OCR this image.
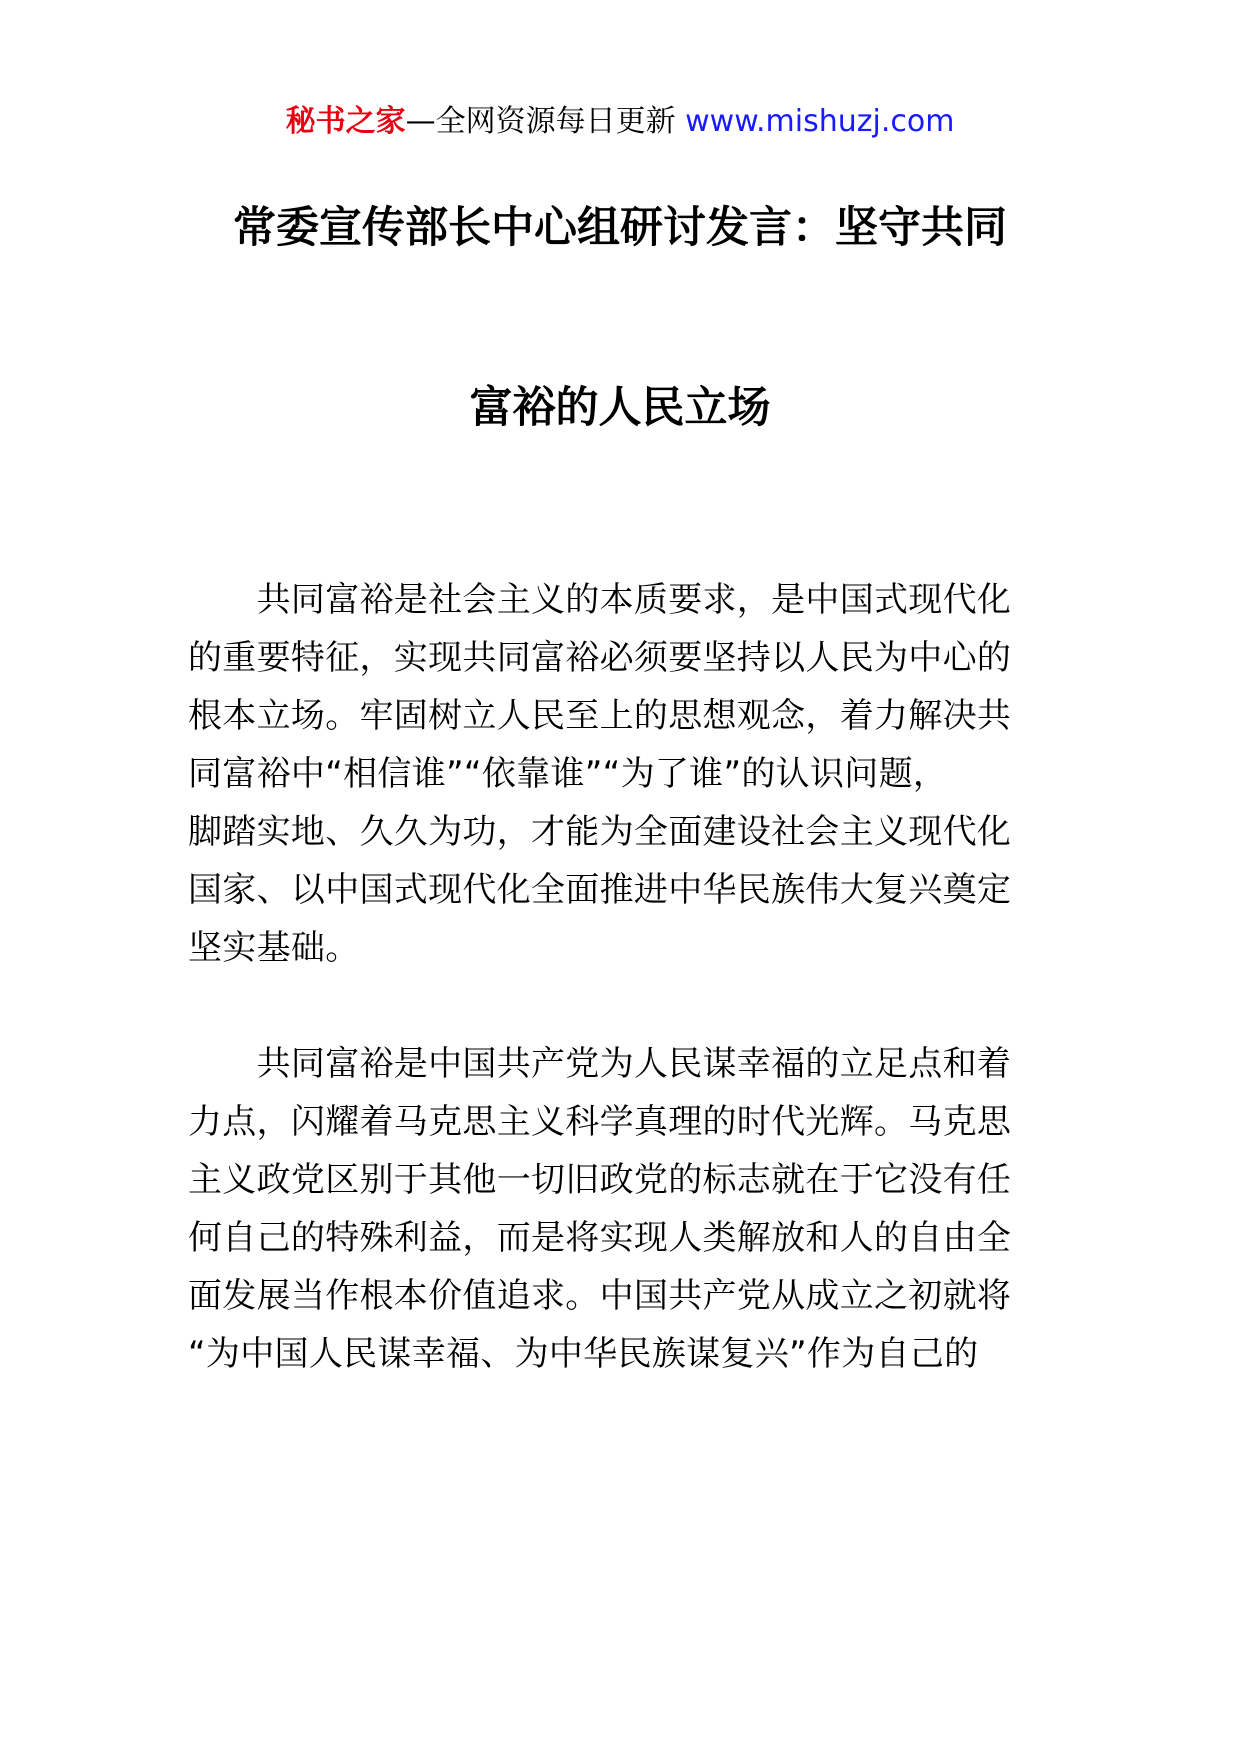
秘书之家—全网资源每日更新 www.mishuzj.com
常委宣传部长中心组研讨发言：坚守共同
富裕的人民立场
　　共同富裕是社会主义的本质要求，是中国式现代化
的重要特征，实现共同富裕必须要坚持以人民为中心的
根本立场。牢固树立人民至上的思想观念，着力解决共
同富裕中“相信谁”“依靠谁”“为了谁”的认识问题，
脚踏实地、久久为功，才能为全面建设社会主义现代化
国家、以中国式现代化全面推进中华民族伟大复兴奠定
坚实基础。
　　共同富裕是中国共产党为人民谋幸福的立足点和着
力点，闪耀着马克思主义科学真理的时代光辉。马克思
主义政党区别于其他一切旧政党的标志就在于它没有任
何自己的特殊利益，而是将实现人类解放和人的自由全
面发展当作根本价值追求。中国共产党从成立之初就将
“为中国人民谋幸福、为中华民族谋复兴”作为自己的
